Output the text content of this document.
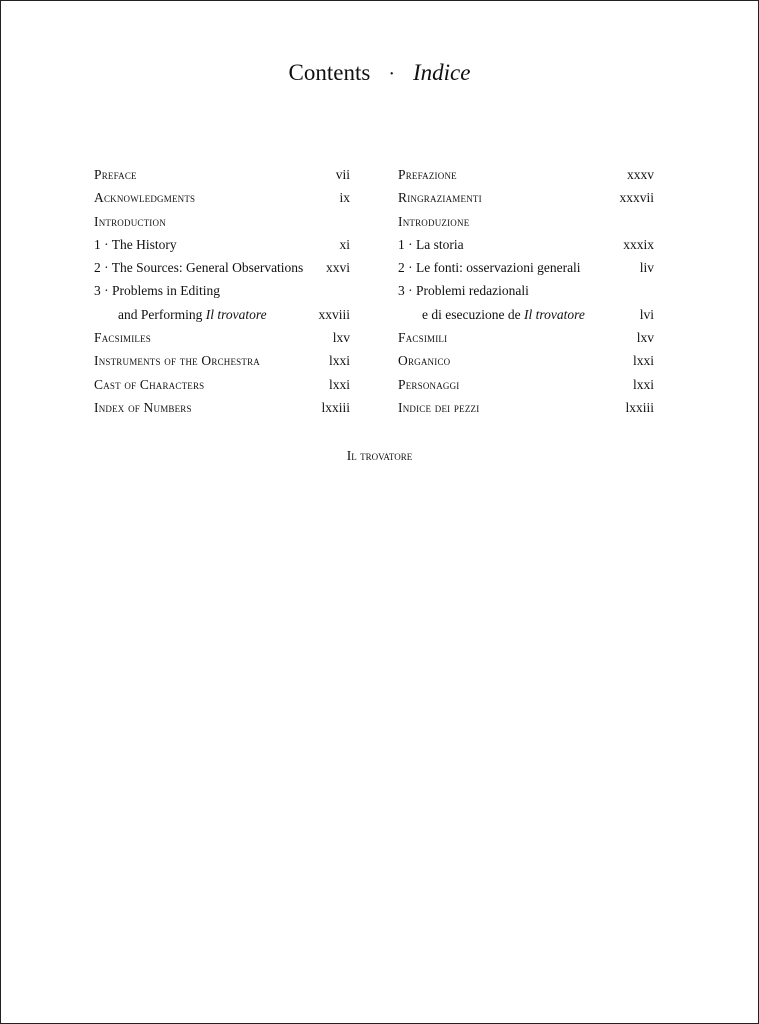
Contents · Indice
Preface	vii
Acknowledgments	ix
Introduction
1 · The History	xi
2 · The Sources: General Observations xxvi
3 · Problems in Editing
and Performing Il trovatore	xxviii
Facsimiles	lxv
Instruments of the Orchestra	lxxi
Cast of Characters	lxxi
Index of Numbers	lxxiii
Prefazione	xxxv
Ringraziamenti	xxxvii
Introduzione
1 · La storia	xxxix
2 · Le fonti: osservazioni generali	liv
3 · Problemi redazionali
e di esecuzione de Il trovatore	lvi
Facsimili	lxv
Organico	lxxi
Personaggi	lxxi
Indice dei pezzi	lxxiii
Il trovatore
